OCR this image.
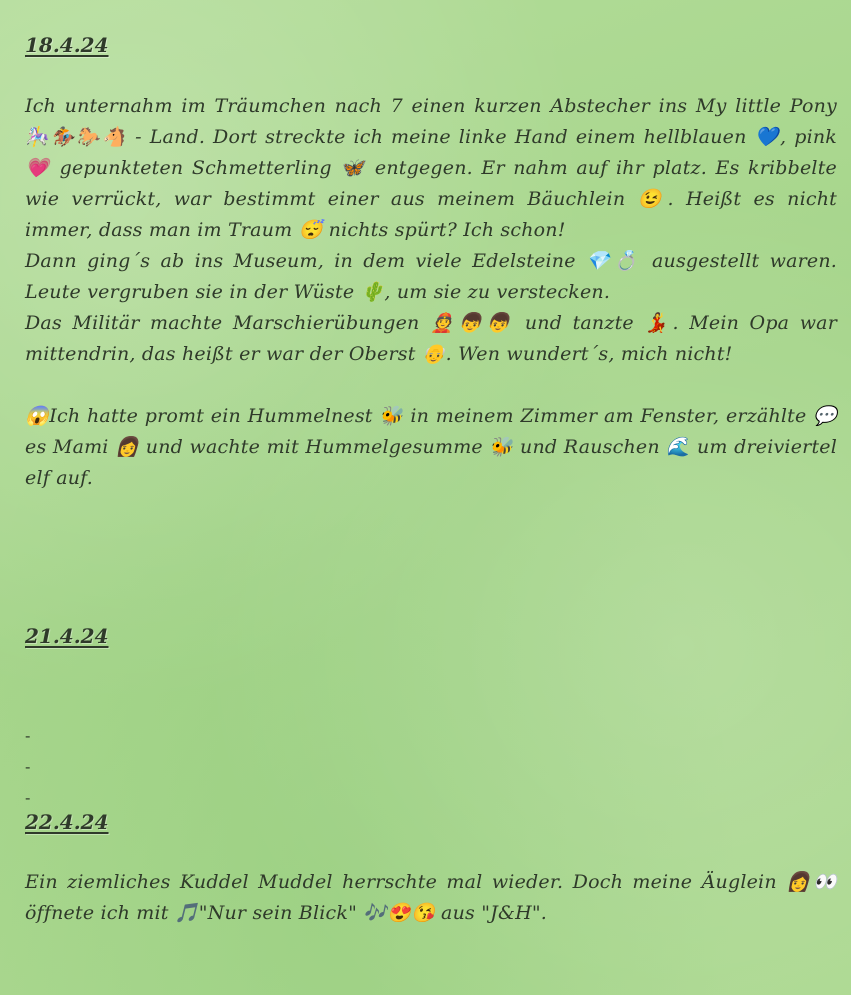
18.4.24

Ich unternahm im Träumchen nach 7 einen kurzen Abstecher ins My little Pony 🎠🏇🐎🐴 - Land. Dort streckte ich meine linke Hand einem hellblauen 💙, pink 💗 gepunkteten Schmetterling 🦋 entgegen. Er nahm auf ihr platz. Es kribbelte wie verrückt, war bestimmt einer aus meinem Bäuchlein 😉. Heißt es nicht immer, dass man im Traum 😴 nichts spürt? Ich schon!

Dann ging´s ab ins Museum, in dem viele Edelsteine 💎💍 ausgestellt waren. Leute vergruben sie in der Wüste 🌵, um sie zu verstecken.

Das Militär machte Marschierübungen 👲👦👦 und tanzte 💃. Mein Opa war mittendrin, das heißt er war der Oberst 👴. Wen wundert´s, mich nicht!

😱Ich hatte promt ein Hummelnest 🐝 in meinem Zimmer am Fenster, erzählte 💬 es Mami 👩 und wachte mit Hummelgesumme 🐝 und Rauschen 🌊 um dreiviertel elf auf.

21.4.24
-
-
-
22.4.24

Ein ziemliches Kuddel Muddel herrschte mal wieder. Doch meine Äuglein 👩👀 öffnete ich mit 🎵"Nur sein Blick" 🎶😍😘 aus "J&H".
